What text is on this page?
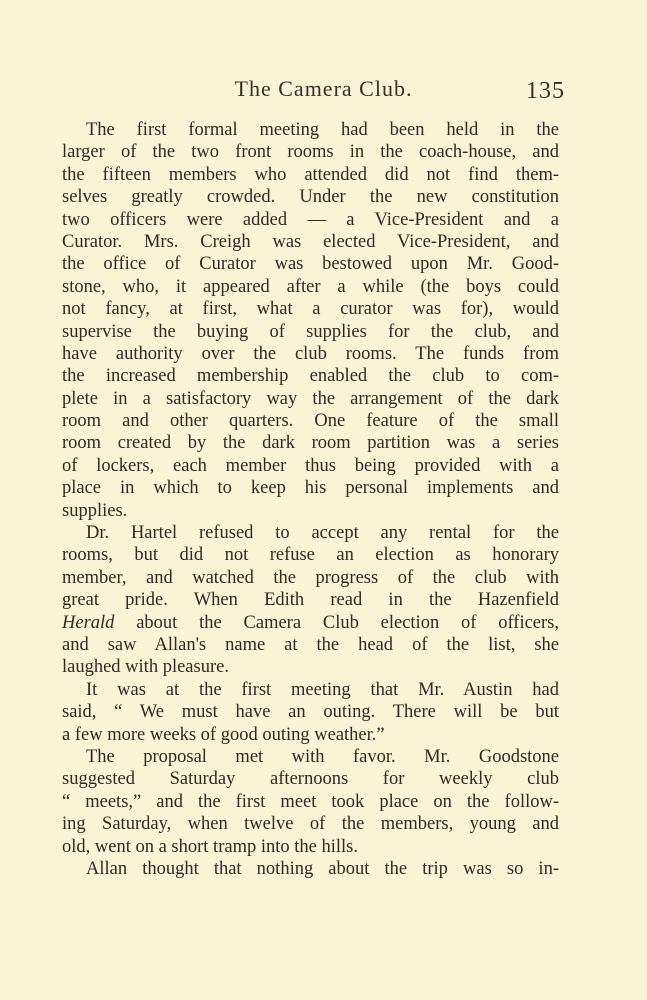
The Camera Club.	135
The first formal meeting had been held in the
larger of the two front rooms in the coach-house, and
the fifteen members who attended did not find them-
selves greatly crowded. Under the new constitution
two officers were added — a Vice-President and a
Curator. Mrs. Creigh was elected Vice-President, and
the office of Curator was bestowed upon Mr. Good-
stone, who, it appeared after a while (the boys could
not fancy, at first, what a curator was for), would
supervise the buying of supplies for the club, and
have authority over the club rooms. The funds from
the increased membership enabled the club to com-
plete in a satisfactory way the arrangement of the dark
room and other quarters. One feature of the small
room created by the dark room partition was a series
of lockers, each member thus being provided with a
place in which to keep his personal implements and
supplies.
Dr. Hartel refused to accept any rental for the
rooms, but did not refuse an election as honorary
member, and watched the progress of the club with
great pride. When Edith read in the Hazenfield
Herald about the Camera Club election of officers,
and saw Allan's name at the head of the list, she
laughed with pleasure.
It was at the first meeting that Mr. Austin had
said, “ We must have an outing. There will be but
a few more weeks of good outing weather.”
The proposal met with favor. Mr. Goodstone
suggested Saturday afternoons for weekly club
“ meets,” and the first meet took place on the follow-
ing Saturday, when twelve of the members, young and
old, went on a short tramp into the hills.
Allan thought that nothing about the trip was so in-
